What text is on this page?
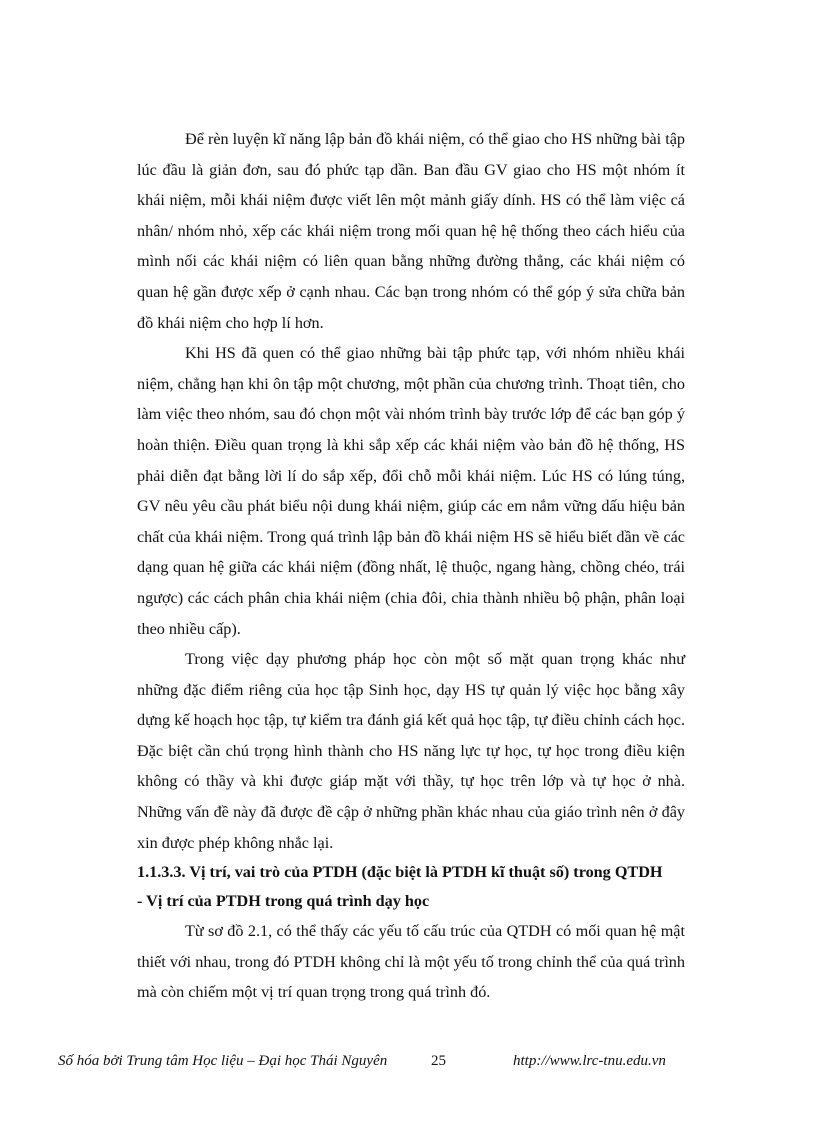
Để rèn luyện kĩ năng lập bản đồ khái niệm, có thể giao cho HS những bài tập lúc đầu là giản đơn, sau đó phức tạp dần. Ban đầu GV giao cho HS một nhóm ít khái niệm, mỗi khái niệm được viết lên một mảnh giấy dính. HS có thể làm việc cá nhân/ nhóm nhỏ, xếp các khái niệm trong mối quan hệ hệ thống theo cách hiểu của mình nối các khái niệm có liên quan bằng những đường thẳng, các khái niệm có quan hệ gần được xếp ở cạnh nhau. Các bạn trong nhóm có thể góp ý sửa chữa bản đồ khái niệm cho hợp lí hơn.

Khi HS đã quen có thể giao những bài tập phức tạp, với nhóm nhiều khái niệm, chẳng hạn khi ôn tập một chương, một phần của chương trình. Thoạt tiên, cho làm việc theo nhóm, sau đó chọn một vài nhóm trình bày trước lớp để các bạn góp ý hoàn thiện. Điều quan trọng là khi sắp xếp các khái niệm vào bản đồ hệ thống, HS phải diễn đạt bằng lời lí do sắp xếp, đổi chỗ mỗi khái niệm. Lúc HS có lúng túng, GV nêu yêu cầu phát biểu nội dung khái niệm, giúp các em nắm vững dấu hiệu bản chất của khái niệm. Trong quá trình lập bản đồ khái niệm HS sẽ hiểu biết dần về các dạng quan hệ giữa các khái niệm (đồng nhất, lệ thuộc, ngang hàng, chồng chéo, trái ngược) các cách phân chia khái niệm (chia đôi, chia thành nhiều bộ phận, phân loại theo nhiều cấp).

Trong việc dạy phương pháp học còn một số mặt quan trọng khác như những đặc điểm riêng của học tập Sinh học, dạy HS tự quản lý việc học bằng xây dựng kế hoạch học tập, tự kiểm tra đánh giá kết quả học tập, tự điều chỉnh cách học. Đặc biệt cần chú trọng hình thành cho HS năng lực tự học, tự học trong điều kiện không có thầy và khi được giáp mặt với thầy, tự học trên lớp và tự học ở nhà. Những vấn đề này đã được đề cập ở những phần khác nhau của giáo trình nên ở đây xin được phép không nhắc lại.

1.1.3.3. Vị trí, vai trò của PTDH (đặc biệt là PTDH kĩ thuật số) trong QTDH

- Vị trí của PTDH trong quá trình dạy học

Từ sơ đồ 2.1, có thể thấy các yếu tố cấu trúc của QTDH có mối quan hệ mật thiết với nhau, trong đó PTDH không chỉ là một yếu tố trong chỉnh thể của quá trình mà còn chiếm một vị trí quan trọng trong quá trình đó.

Số hóa bởi Trung tâm Học liệu – Đại học Thái Nguyên	25	http://www.lrc-tnu.edu.vn
